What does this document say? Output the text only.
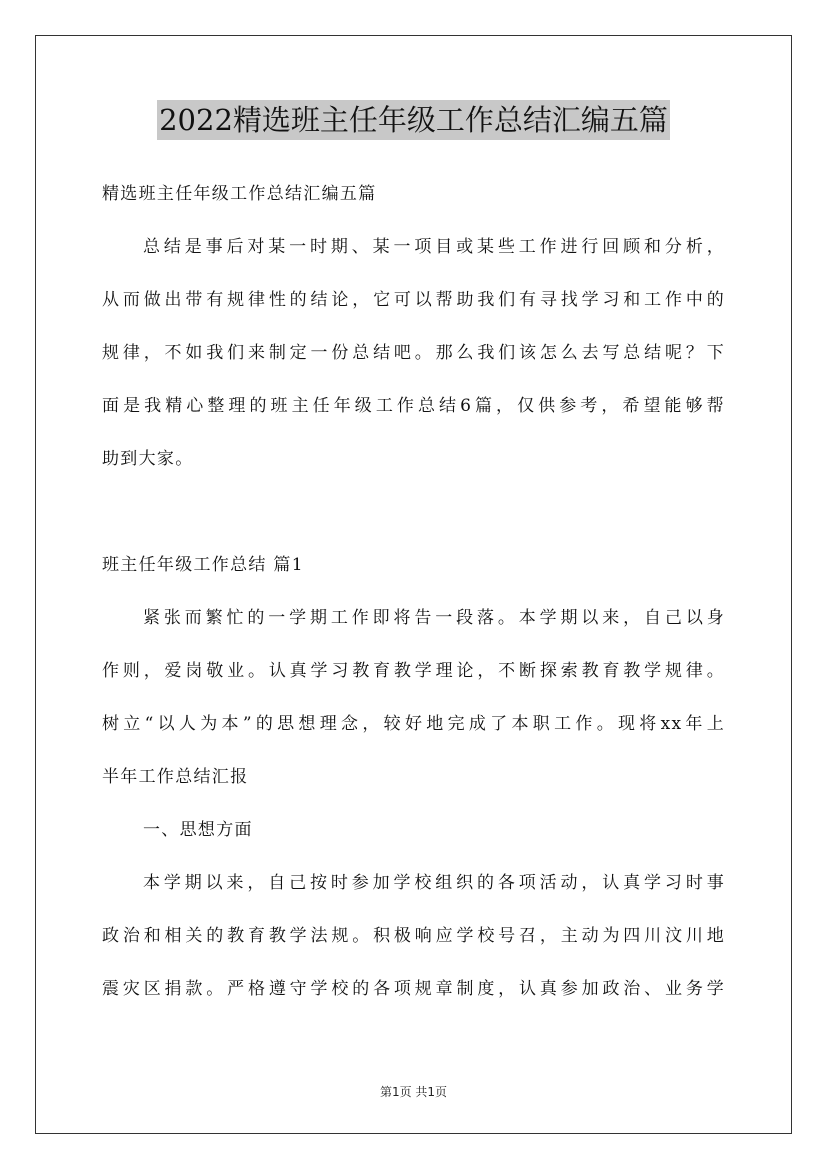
2022精选班主任年级工作总结汇编五篇
精选班主任年级工作总结汇编五篇
总结是事后对某一时期、某一项目或某些工作进行回顾和分析，
从而做出带有规律性的结论，它可以帮助我们有寻找学习和工作中的
规律，不如我们来制定一份总结吧。那么我们该怎么去写总结呢？下
面是我精心整理的班主任年级工作总结6篇，仅供参考，希望能够帮
助到大家。
班主任年级工作总结 篇1
紧张而繁忙的一学期工作即将告一段落。本学期以来，自己以身
作则，爱岗敬业。认真学习教育教学理论，不断探索教育教学规律。
树立“以人为本”的思想理念，较好地完成了本职工作。现将xx年上
半年工作总结汇报
一、思想方面
本学期以来，自己按时参加学校组织的各项活动，认真学习时事
政治和相关的教育教学法规。积极响应学校号召，主动为四川汶川地
震灾区捐款。严格遵守学校的各项规章制度，认真参加政治、业务学
第1页 共1页
